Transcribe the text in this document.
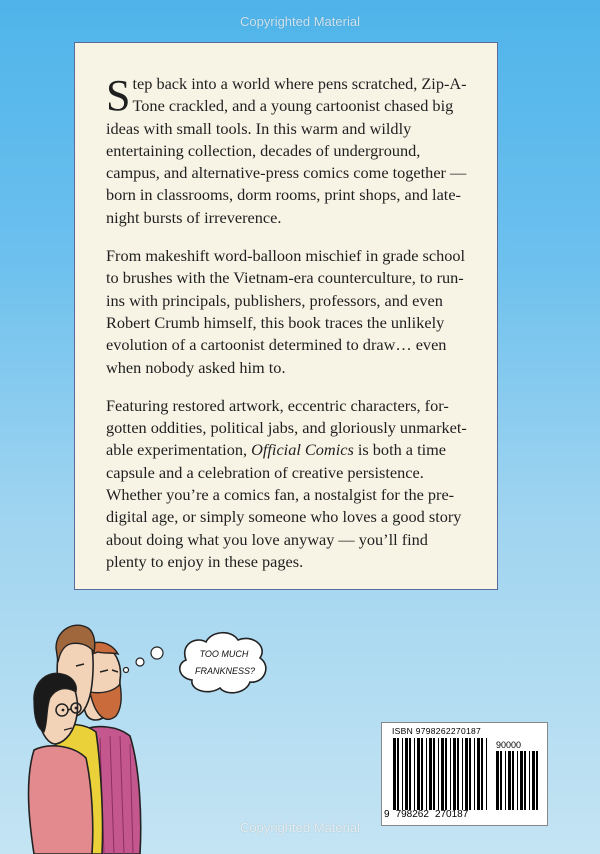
Copyrighted Material

Step back into a world where pens scratched, Zip-A-Tone crackled, and a young cartoonist chased big ideas with small tools. In this warm and wildly entertaining collection, decades of underground, campus, and alternative-press comics come together — born in classrooms, dorm rooms, print shops, and late-night bursts of irreverence.

From makeshift word-balloon mischief in grade school to brushes with the Vietnam-era counterculture, to run-ins with principals, publishers, professors, and even Robert Crumb himself, this book traces the unlikely evolution of a cartoonist determined to draw… even when nobody asked him to.

Featuring restored artwork, eccentric characters, for-gotten oddities, political jabs, and gloriously unmarket-able experimentation, Official Comics is both a time capsule and a celebration of creative persistence. Whether you’re a comics fan, a nostalgist for the pre-digital age, or simply someone who loves a good story about doing what you love anyway — you’ll find plenty to enjoy in these pages.

TOO MUCH
FRANKNESS?
ISBN 9798262270187
90000
9 798262 270187
Copyrighted Material
